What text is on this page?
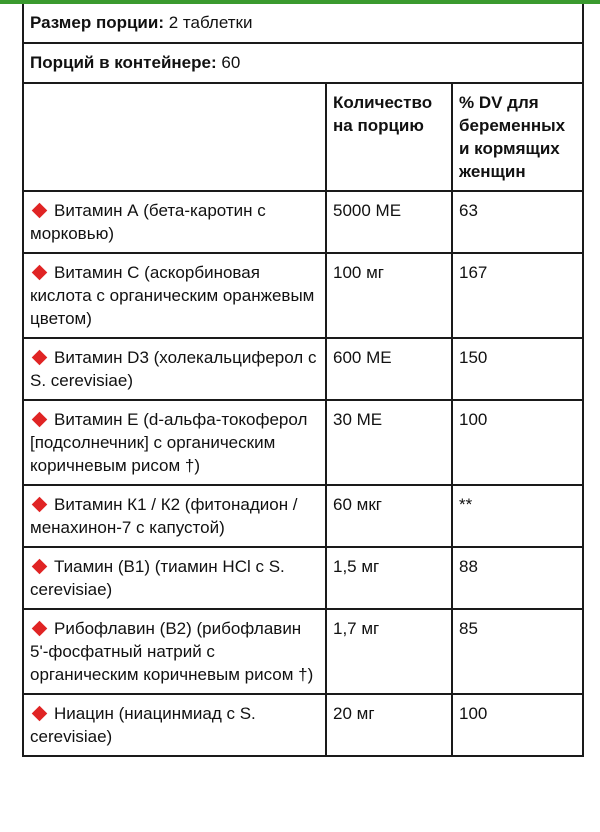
Размер порции: 2 таблетки
Порций в контейнере: 60
	Количество на порцию	% DV для беременных и кормящих женщин
Витамин А (бета-каротин с морковью)	5000 МЕ	63
Витамин С (аскорбиновая кислота с органическим оранжевым цветом)	100 мг	167
Витамин D3 (холекальциферол с S. cerevisiae)	600 МЕ	150
Витамин Е (d-альфа-токоферол [подсолнечник] с органическим коричневым рисом †)	30 МЕ	100
Витамин К1 / К2 (фитонадион / менахинон-7 с капустой)	60 мкг	**
Тиамин (B1) (тиамин HCl с S. cerevisiae)	1,5 мг	88
Рибофлавин (B2) (рибофлавин 5'-фосфатный натрий с органическим коричневым рисом †)	1,7 мг	85
Ниацин (ниацинмиад с S. cerevisiae)	20 мг	100
